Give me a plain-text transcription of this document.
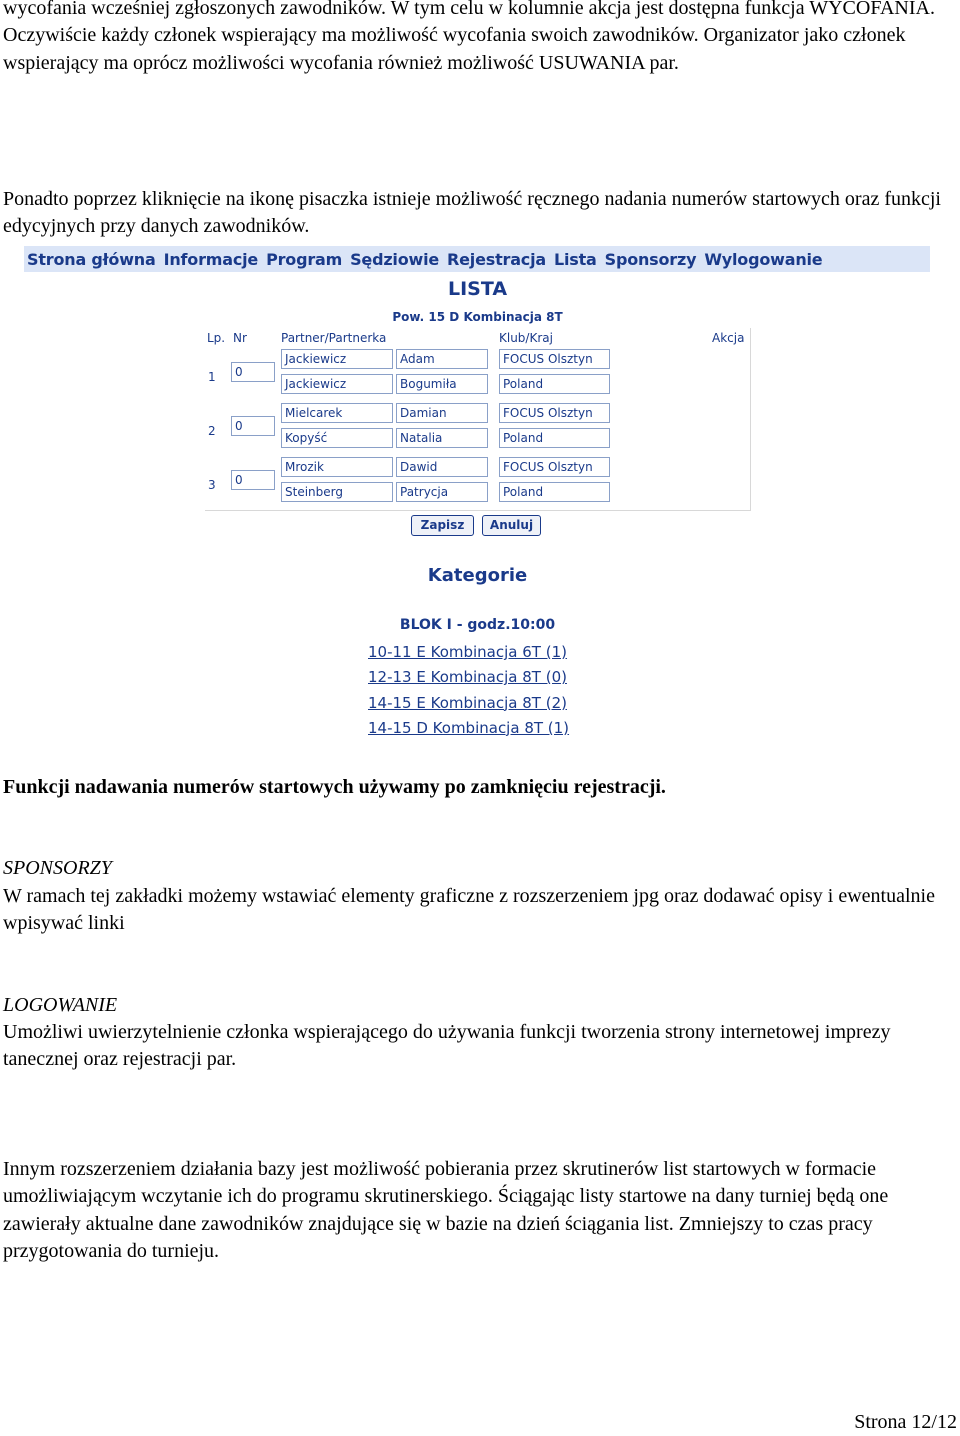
wycofania wcześniej zgłoszonych zawodników. W tym celu w kolumnie akcja jest dostępna funkcja WYCOFANIA. Oczywiście każdy członek wspierający ma możliwość wycofania swoich zawodników. Organizator jako członek wspierający ma oprócz możliwości wycofania również możliwość USUWANIA par.

Ponadto poprzez kliknięcie na ikonę pisaczka istnieje możliwość ręcznego nadania numerów startowych oraz funkcji edycyjnych przy danych zawodników.

Strona główna Informacje Program Sędziowie Rejestracja Lista Sponsorzy Wylogowanie
LISTA
Pow. 15 D Kombinacja 8T
Lp. Nr	Partner/Partnerka	Klub/Kraj	Akcja
1	0
Jackiewicz	Adam	FOCUS Olsztyn
Jackiewicz	Bogumiła	Poland
2	0
Mielcarek	Damian	FOCUS Olsztyn
Kopyść	Natalia	Poland
3	0
Mrozik	Dawid	FOCUS Olsztyn
Steinberg	Patrycja	Poland
Zapisz	Anuluj
Kategorie
BLOK I - godz.10:00
10-11 E Kombinacja 6T (1)
12-13 E Kombinacja 8T (0)
14-15 E Kombinacja 8T (2)
14-15 D Kombinacja 8T (1)

Funkcji nadawania numerów startowych używamy po zamknięciu rejestracji.

SPONSORZY

W ramach tej zakładki możemy wstawiać elementy graficzne z rozszerzeniem jpg oraz dodawać opisy i ewentualnie wpisywać linki

LOGOWANIE

Umożliwi uwierzytelnienie członka wspierającego do używania funkcji tworzenia strony internetowej imprezy tanecznej oraz rejestracji par.

Innym rozszerzeniem działania bazy jest możliwość pobierania przez skrutinerów list startowych w formacie umożliwiającym wczytanie ich do programu skrutinerskiego. Ściągając listy startowe na dany turniej będą one zawierały aktualne dane zawodników znajdujące się w bazie na dzień ściągania list. Zmniejszy to czas pracy przygotowania do turnieju.

Strona 12/12
